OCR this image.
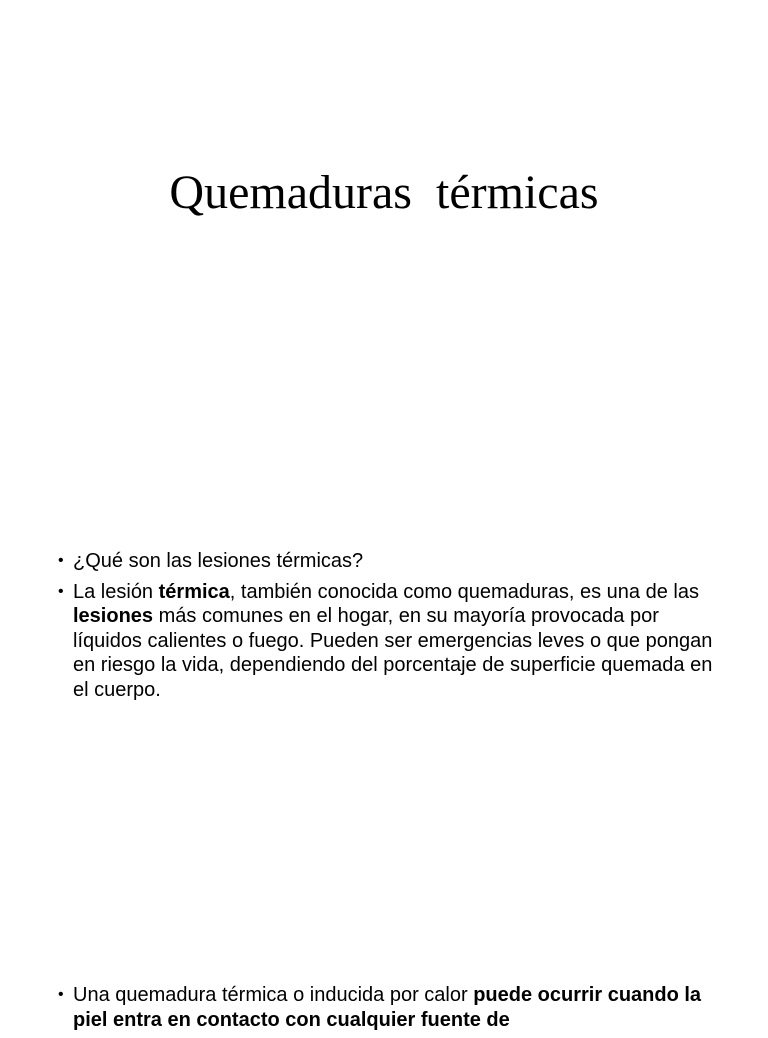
Quemaduras  térmicas
• ¿Qué son las lesiones térmicas?
• La lesión térmica, también conocida como quemaduras, es una de las lesiones más comunes en el hogar, en su mayoría provocada por líquidos calientes o fuego. Pueden ser emergencias leves o que pongan en riesgo la vida, dependiendo del porcentaje de superficie quemada en el cuerpo.
• Una quemadura térmica o inducida por calor puede ocurrir cuando la piel entra en contacto con cualquier fuente de
